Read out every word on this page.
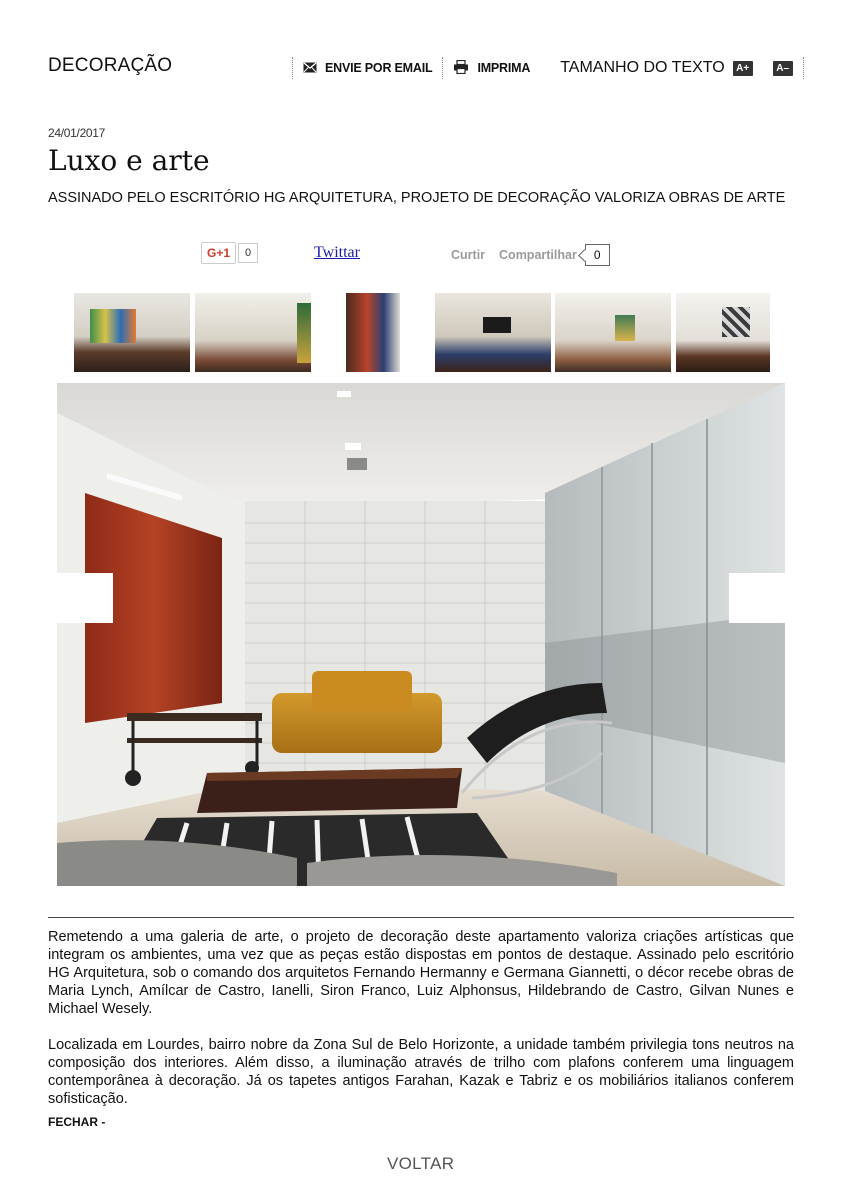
DECORAÇÃO	ENVIE POR EMAIL	IMPRIMA TAMANHO DO TEXTO	A+	A–
24/01/2017
Luxo e arte

ASSINADO PELO ESCRITÓRIO HG ARQUITETURA, PROJETO DE DECORAÇÃO VALORIZA OBRAS DE ARTE

G+1	0	Twittar	Curtir Compartilhar	0

Remetendo a uma galeria de arte, o projeto de decoração deste apartamento valoriza criações artísticas que integram os ambientes, uma vez que as peças estão dispostas em pontos de destaque. Assinado pelo escritório HG Arquitetura, sob o comando dos arquitetos Fernando Hermanny e Germana Giannetti, o décor recebe obras de Maria Lynch, Amílcar de Castro, Ianelli, Siron Franco, Luiz Alphonsus, Hildebrando de Castro, Gilvan Nunes e Michael Wesely.

Localizada em Lourdes, bairro nobre da Zona Sul de Belo Horizonte, a unidade também privilegia tons neutros na composição dos interiores. Além disso, a iluminação através de trilho com plafons conferem uma linguagem contemporânea à decoração. Já os tapetes antigos Farahan, Kazak e Tabriz e os mobiliários italianos conferem sofisticação.

FECHAR -
VOLTAR
